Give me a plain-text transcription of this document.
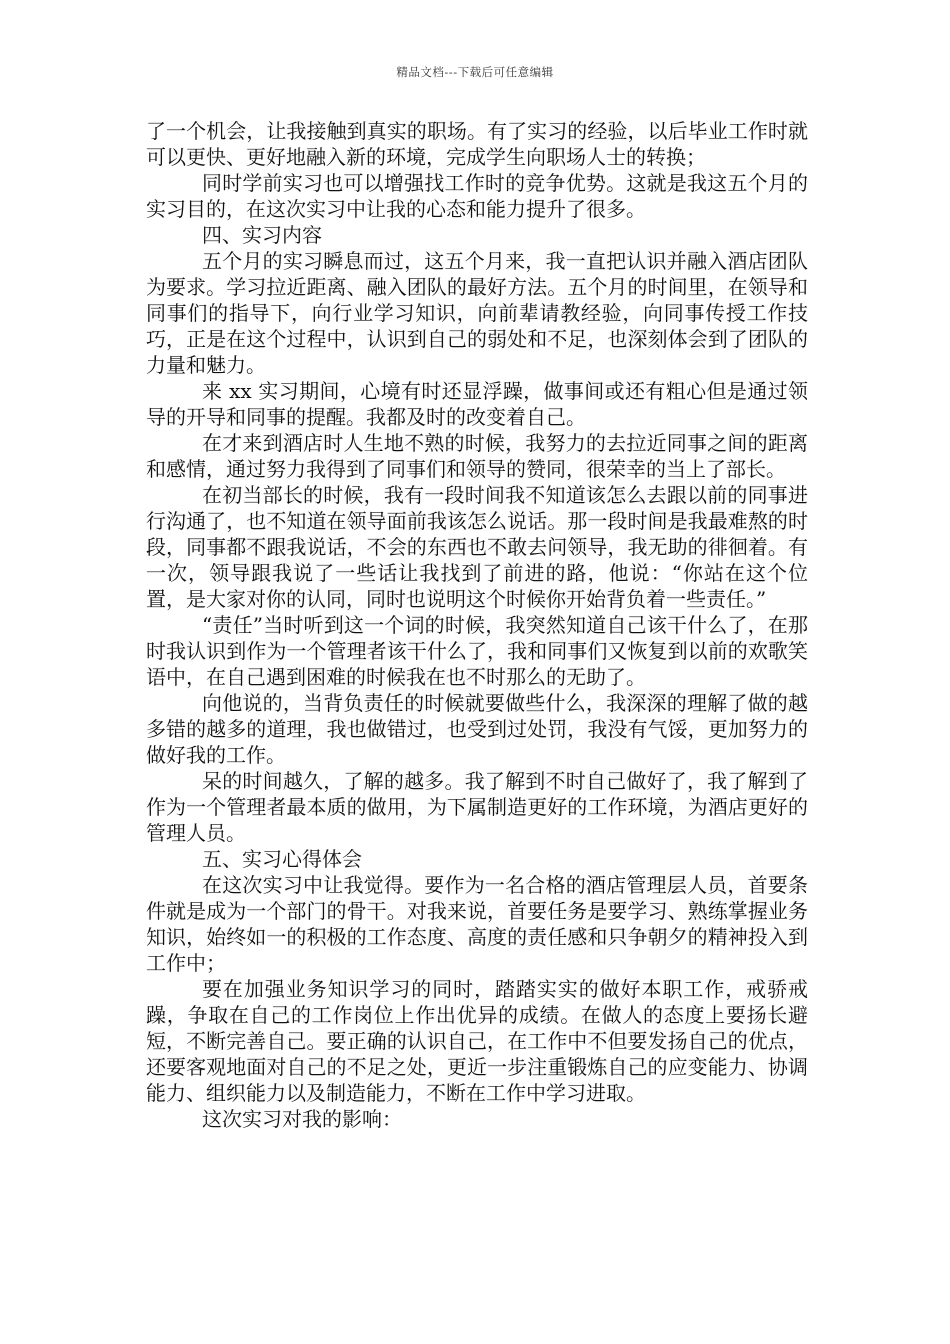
精品文档---下载后可任意编辑

了一个机会，让我接触到真实的职场。有了实习的经验，以后毕业工作时就可以更快、更好地融入新的环境，完成学生向职场人士的转换；

同时学前实习也可以增强找工作时的竞争优势。这就是我这五个月的实习目的，在这次实习中让我的心态和能力提升了很多。

四、实习内容

五个月的实习瞬息而过，这五个月来，我一直把认识并融入酒店团队为要求。学习拉近距离、融入团队的最好方法。五个月的时间里，在领导和同事们的指导下，向行业学习知识，向前辈请教经验，向同事传授工作技巧，正是在这个过程中，认识到自己的弱处和不足，也深刻体会到了团队的力量和魅力。

来 xx 实习期间，心境有时还显浮躁，做事间或还有粗心但是通过领导的开导和同事的提醒。我都及时的改变着自己。

在才来到酒店时人生地不熟的时候，我努力的去拉近同事之间的距离和感情，通过努力我得到了同事们和领导的赞同，很荣幸的当上了部长。

在初当部长的时候，我有一段时间我不知道该怎么去跟以前的同事进行沟通了，也不知道在领导面前我该怎么说话。那一段时间是我最难熬的时段，同事都不跟我说话，不会的东西也不敢去问领导，我无助的徘徊着。有一次，领导跟我说了一些话让我找到了前进的路，他说：“你站在这个位置，是大家对你的认同，同时也说明这个时候你开始背负着一些责任。”

“责任”当时听到这一个词的时候，我突然知道自己该干什么了，在那时我认识到作为一个管理者该干什么了，我和同事们又恢复到以前的欢歌笑语中，在自己遇到困难的时候我在也不时那么的无助了。

向他说的，当背负责任的时候就要做些什么，我深深的理解了做的越多错的越多的道理，我也做错过，也受到过处罚，我没有气馁，更加努力的做好我的工作。

呆的时间越久，了解的越多。我了解到不时自己做好了，我了解到了作为一个管理者最本质的做用，为下属制造更好的工作环境，为酒店更好的管理人员。

五、实习心得体会

在这次实习中让我觉得。要作为一名合格的酒店管理层人员，首要条件就是成为一个部门的骨干。对我来说，首要任务是要学习、熟练掌握业务知识，始终如一的积极的工作态度、高度的责任感和只争朝夕的精神投入到工作中；

要在加强业务知识学习的同时，踏踏实实的做好本职工作，戒骄戒躁，争取在自己的工作岗位上作出优异的成绩。在做人的态度上要扬长避短，不断完善自己。要正确的认识自己，在工作中不但要发扬自己的优点，还要客观地面对自己的不足之处，更近一步注重锻炼自己的应变能力、协调能力、组织能力以及制造能力，不断在工作中学习进取。

这次实习对我的影响：
